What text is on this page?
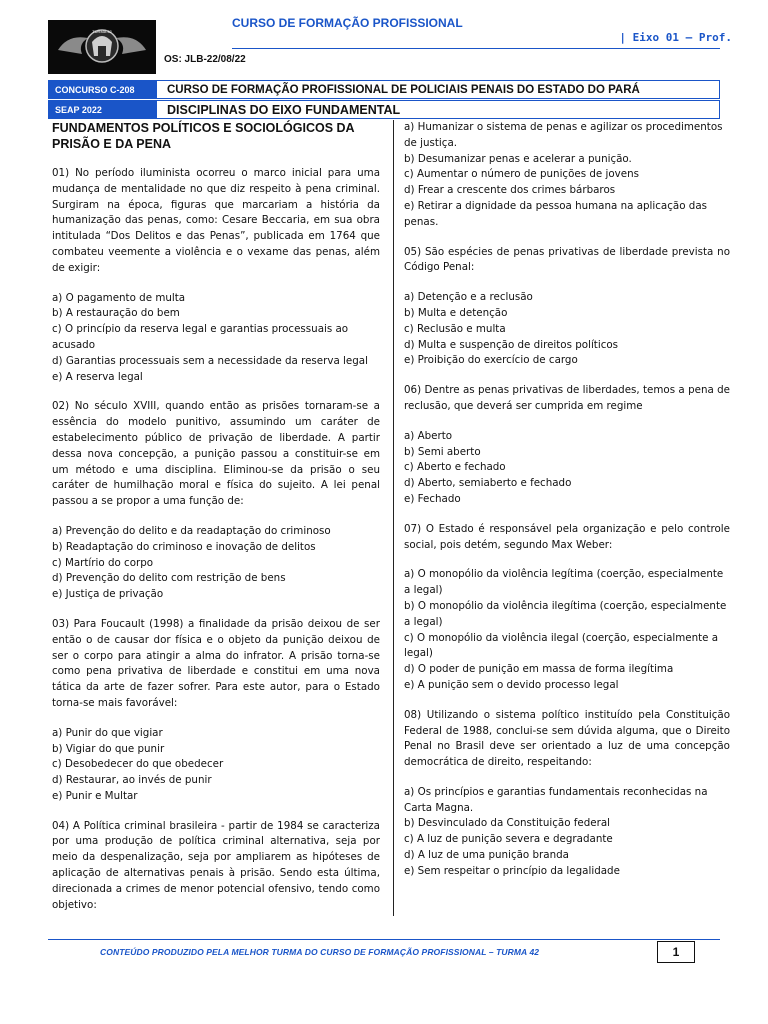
TURMA 42
CURSO DE FORMAÇÃO PROFISSIONAL
| Eixo 01 – Prof.
OS: JLB-22/08/22
CONCURSO C-208	CURSO DE FORMAÇÃO PROFISSIONAL DE POLICIAIS PENAIS DO ESTADO DO PARÁ
SEAP 2022	DISCIPLINAS DO EIXO FUNDAMENTAL
FUNDAMENTOS POLÍTICOS E SOCIOLÓGICOS DA PRISÃO E DA PENA
01) No período iluminista ocorreu o marco inicial para uma mudança de mentalidade no que diz respeito à pena criminal. Surgiram na época, figuras que marcariam a história da humanização das penas, como: Cesare Beccaria, em sua obra intitulada “Dos Delitos e das Penas”, publicada em 1764 que combateu veemente a violência e o vexame das penas, além de exigir:
a) O pagamento de multa
b) A restauração do bem
c) O princípio da reserva legal e garantias processuais ao acusado
d) Garantias processuais sem a necessidade da reserva legal
e) A reserva legal
02) No século XVIII, quando então as prisões tornaram-se a essência do modelo punitivo, assumindo um caráter de estabelecimento público de privação de liberdade. A partir dessa nova concepção, a punição passou a constituir-se em um método e uma disciplina. Eliminou-se da prisão o seu caráter de humilhação moral e física do sujeito. A lei penal passou a se propor a uma função de:
a) Prevenção do delito e da readaptação do criminoso
b) Readaptação do criminoso e inovação de delitos
c) Martírio do corpo
d) Prevenção do delito com restrição de bens
e) Justiça de privação
03) Para Foucault (1998) a finalidade da prisão deixou de ser então o de causar dor física e o objeto da punição deixou de ser o corpo para atingir a alma do infrator. A prisão torna-se como pena privativa de liberdade e constitui em uma nova tática da arte de fazer sofrer. Para este autor, para o Estado torna-se mais favorável:
a) Punir do que vigiar
b) Vigiar do que punir
c) Desobedecer do que obedecer
d) Restaurar, ao invés de punir
e) Punir e Multar
04) A Política criminal brasileira - partir de 1984 se caracteriza por uma produção de política criminal alternativa, seja por meio da despenalização, seja por ampliarem as hipóteses de aplicação de alternativas penais à prisão. Sendo esta última, direcionada a crimes de menor potencial ofensivo, tendo como objetivo:
a) Humanizar o sistema de penas e agilizar os procedimentos de justiça.
b) Desumanizar penas e acelerar a punição.
c) Aumentar o número de punições de jovens
d) Frear a crescente dos crimes bárbaros
e) Retirar a dignidade da pessoa humana na aplicação das penas.
05) São espécies de penas privativas de liberdade prevista no Código Penal:
a) Detenção e a reclusão
b) Multa e detenção
c) Reclusão e multa
d) Multa e suspenção de direitos políticos
e) Proibição do exercício de cargo
06) Dentre as penas privativas de liberdades, temos a pena de reclusão, que deverá ser cumprida em regime
a) Aberto
b) Semi aberto
c) Aberto e fechado
d) Aberto, semiaberto e fechado
e) Fechado
07) O Estado é responsável pela organização e pelo controle social, pois detém, segundo Max Weber:
a) O monopólio da violência legítima (coerção, especialmente a legal)
b) O monopólio da violência ilegítima (coerção, especialmente a legal)
c) O monopólio da violência ilegal (coerção, especialmente a legal)
d) O poder de punição em massa de forma ilegítima
e) A punição sem o devido processo legal
08) Utilizando o sistema político instituído pela Constituição Federal de 1988, conclui-se sem dúvida alguma, que o Direito Penal no Brasil deve ser orientado a luz de uma concepção democrática de direito, respeitando:
a) Os princípios e garantias fundamentais reconhecidas na Carta Magna.
b) Desvinculado da Constituição federal
c) A luz de punição severa e degradante
d) A luz de uma punição branda
e) Sem respeitar o princípio da legalidade
CONTEÚDO PRODUZIDO PELA MELHOR TURMA DO CURSO DE FORMAÇÃO PROFISSIONAL – TURMA 42	1
